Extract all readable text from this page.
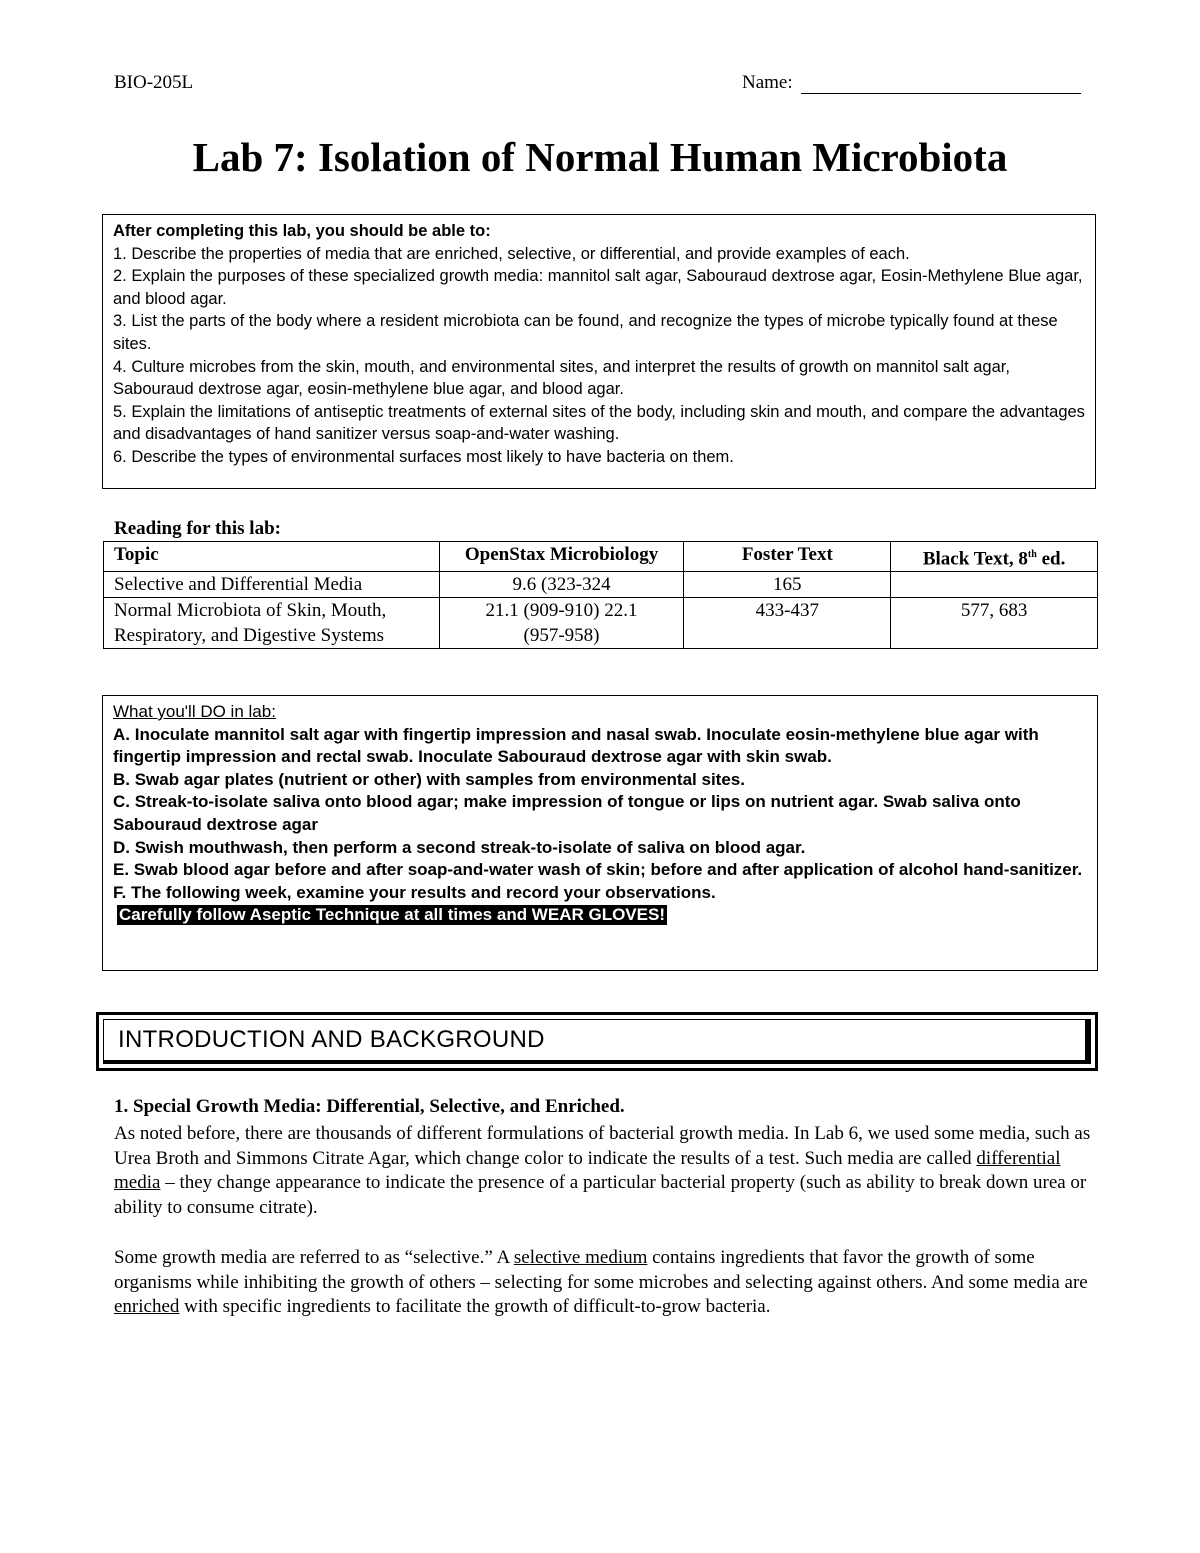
BIO-205L	Name:
Lab 7: Isolation of Normal Human Microbiota
After completing this lab, you should be able to:
1. Describe the properties of media that are enriched, selective, or differential, and provide examples of each.
2. Explain the purposes of these specialized growth media: mannitol salt agar, Sabouraud dextrose agar, Eosin-Methylene Blue agar, and blood agar.
3. List the parts of the body where a resident microbiota can be found, and recognize the types of microbe typically found at these sites.
4. Culture microbes from the skin, mouth, and environmental sites, and interpret the results of growth on mannitol salt agar, Sabouraud dextrose agar, eosin-methylene blue agar, and blood agar.
5. Explain the limitations of antiseptic treatments of external sites of the body, including skin and mouth, and compare the advantages and disadvantages of hand sanitizer versus soap-and-water washing.
6. Describe the types of environmental surfaces most likely to have bacteria on them.
Reading for this lab:
Topic	OpenStax Microbiology	Foster Text	Black Text, 8th ed.
Selective and Differential Media	9.6 (323-324	165	
Normal Microbiota of Skin, Mouth, Respiratory, and Digestive Systems	21.1 (909-910) 22.1 (957-958)	433-437	577, 683
What you'll DO in lab:
A. Inoculate mannitol salt agar with fingertip impression and nasal swab. Inoculate eosin-methylene blue agar with fingertip impression and rectal swab. Inoculate Sabouraud dextrose agar with skin swab.
B. Swab agar plates (nutrient or other) with samples from environmental sites.
C. Streak-to-isolate saliva onto blood agar; make impression of tongue or lips on nutrient agar. Swab saliva onto Sabouraud dextrose agar
D. Swish mouthwash, then perform a second streak-to-isolate of saliva on blood agar.
E. Swab blood agar before and after soap-and-water wash of skin; before and after application of alcohol hand-sanitizer.
F. The following week, examine your results and record your observations.
Carefully follow Aseptic Technique at all times and WEAR GLOVES!
INTRODUCTION AND BACKGROUND
1. Special Growth Media: Differential, Selective, and Enriched.

As noted before, there are thousands of different formulations of bacterial growth media. In Lab 6, we used some media, such as Urea Broth and Simmons Citrate Agar, which change color to indicate the results of a test. Such media are called differential media – they change appearance to indicate the presence of a particular bacterial property (such as ability to break down urea or ability to consume citrate).

Some growth media are referred to as “selective.” A selective medium contains ingredients that favor the growth of some organisms while inhibiting the growth of others – selecting for some microbes and selecting against others. And some media are enriched with specific ingredients to facilitate the growth of difficult-to-grow bacteria.
